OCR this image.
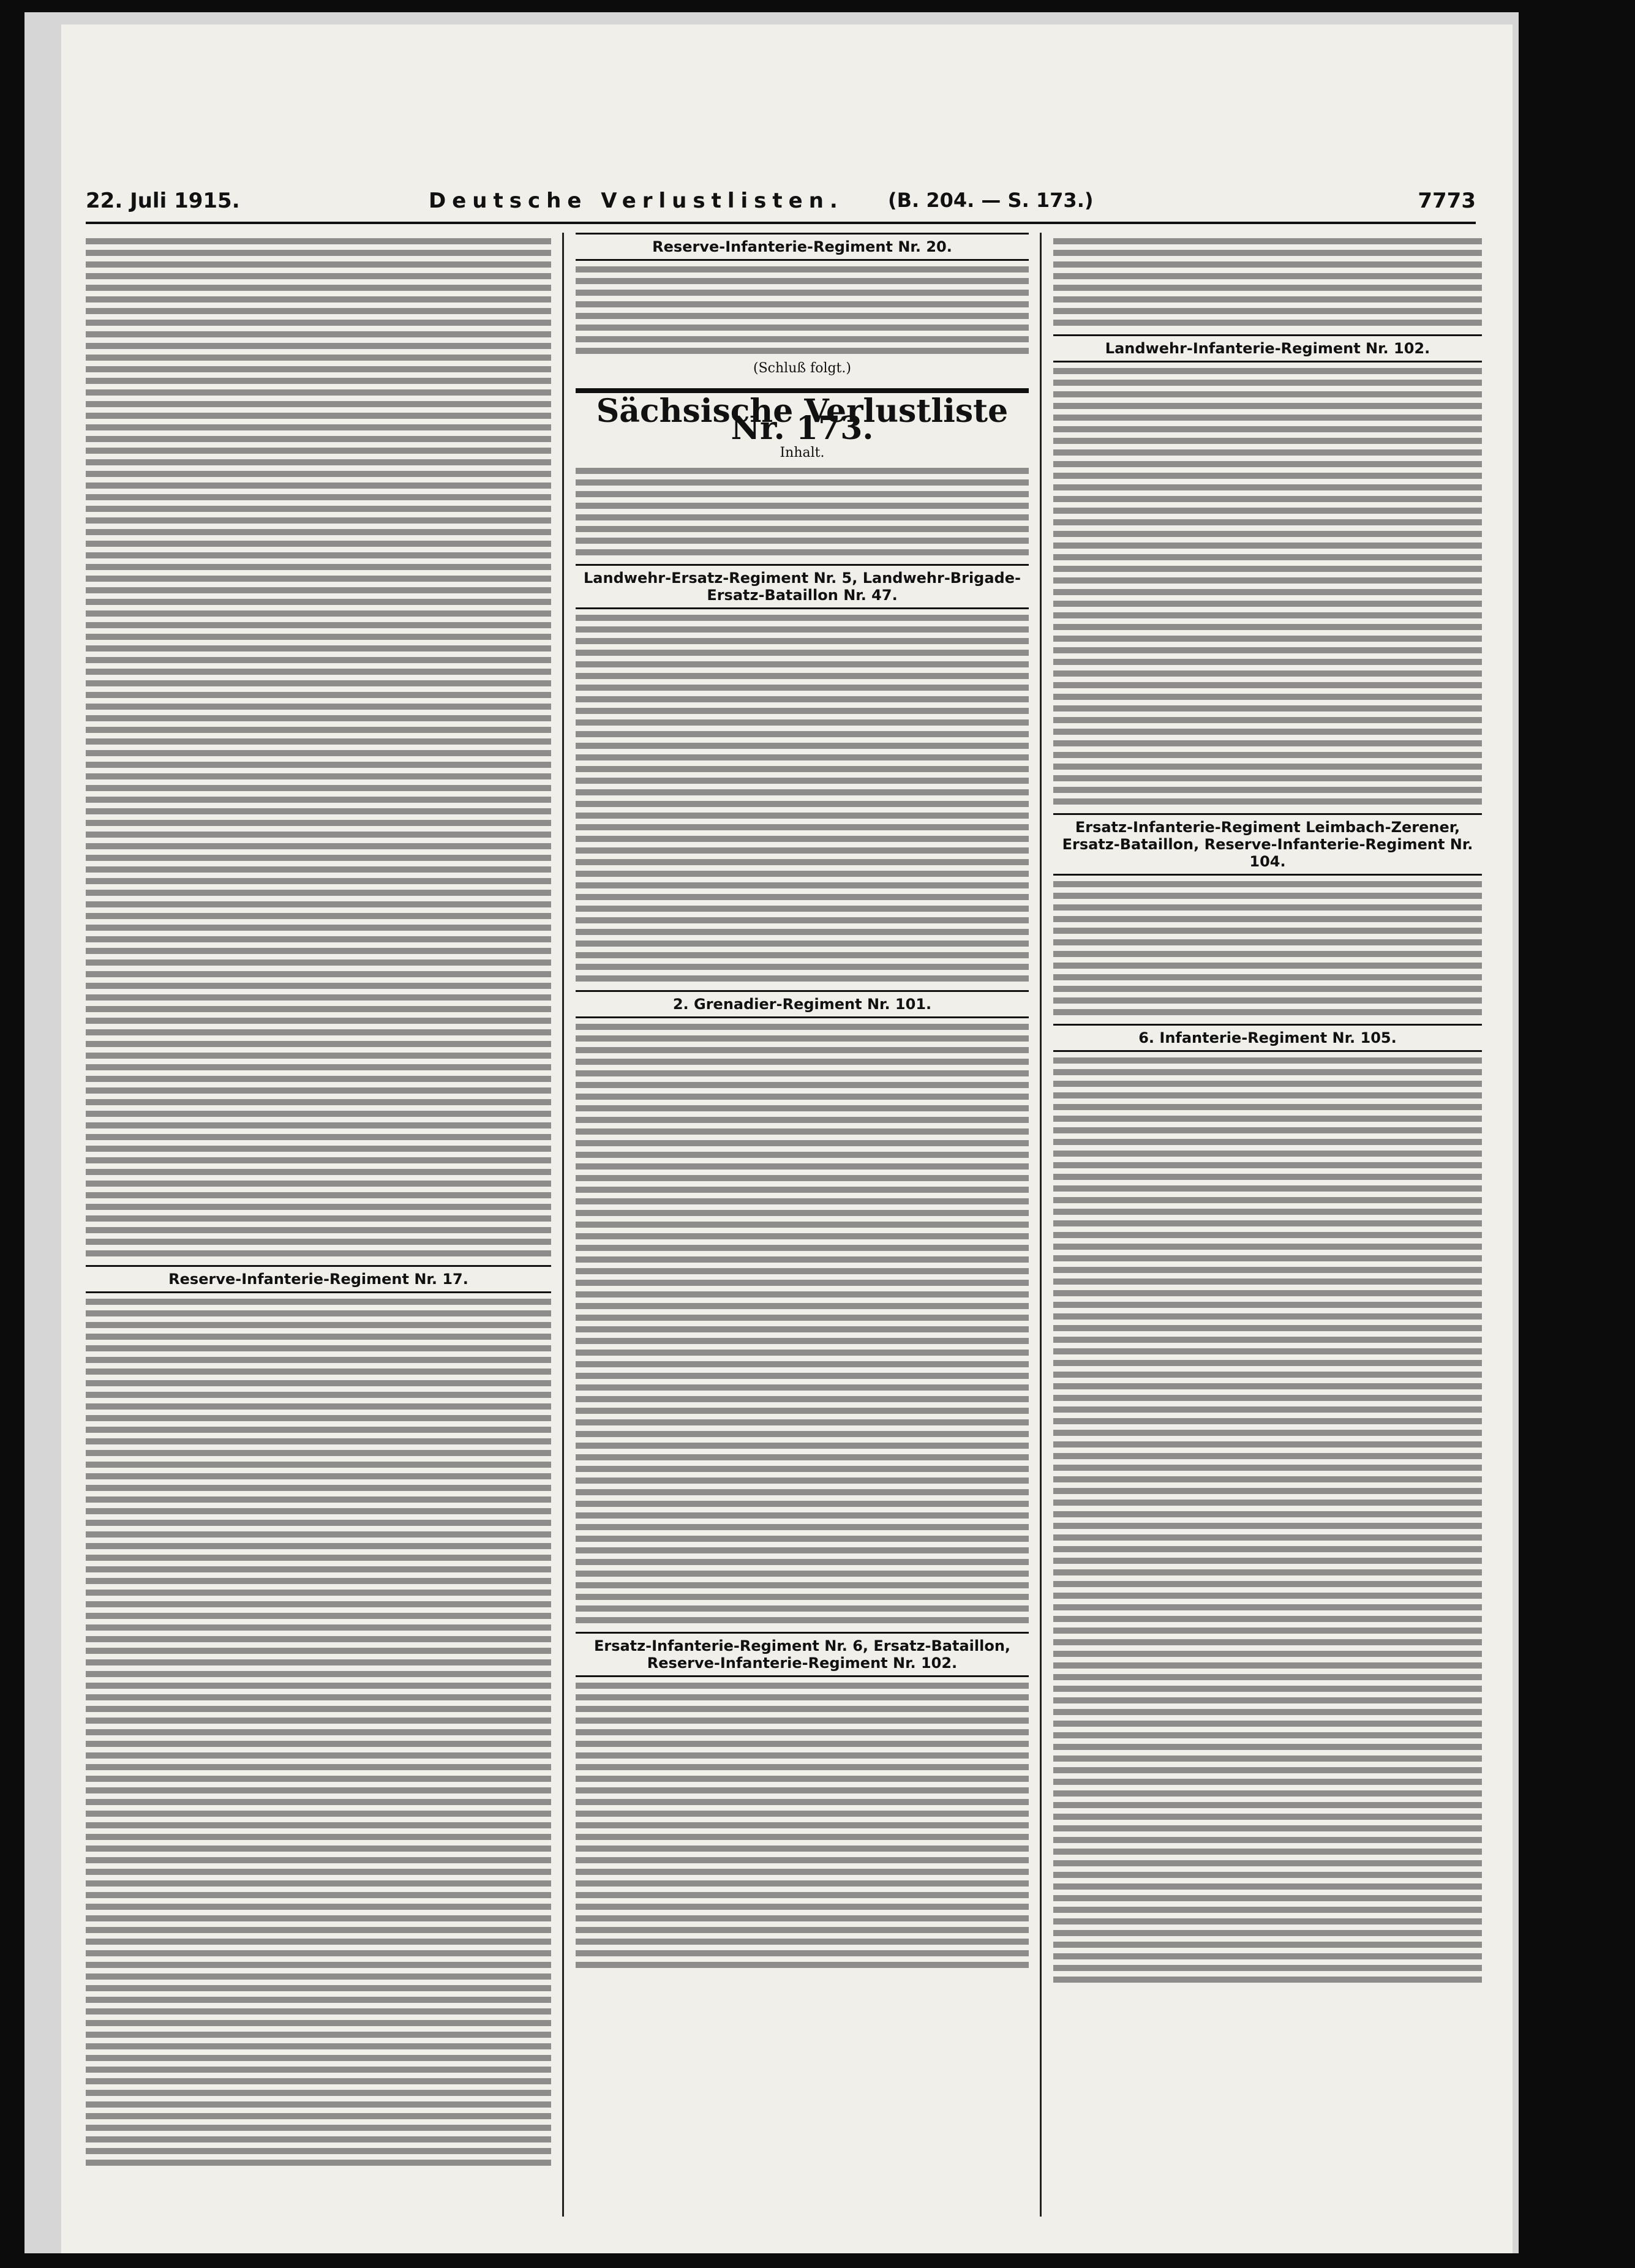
22. Juli 1915.	Deutsche Verlustlisten. (B. 204. — S. 173.)	7773
Reserve-Infanterie-Regiment Nr. 17.
Reserve-Infanterie-Regiment Nr. 20.
(Schluß folgt.)
Sächsische Verlustliste Nr. 173.
Inhalt.
Landwehr-Ersatz-Regiment Nr. 5, Landwehr-Brigade-Ersatz-Bataillon Nr. 47.
2. Grenadier-Regiment Nr. 101.
Ersatz-Infanterie-Regiment Nr. 6, Ersatz-Bataillon, Reserve-Infanterie-Regiment Nr. 102.
Landwehr-Infanterie-Regiment Nr. 102.
Ersatz-Infanterie-Regiment Leimbach-Zerener, Ersatz-Bataillon, Reserve-Infanterie-Regiment Nr. 104.
6. Infanterie-Regiment Nr. 105.
